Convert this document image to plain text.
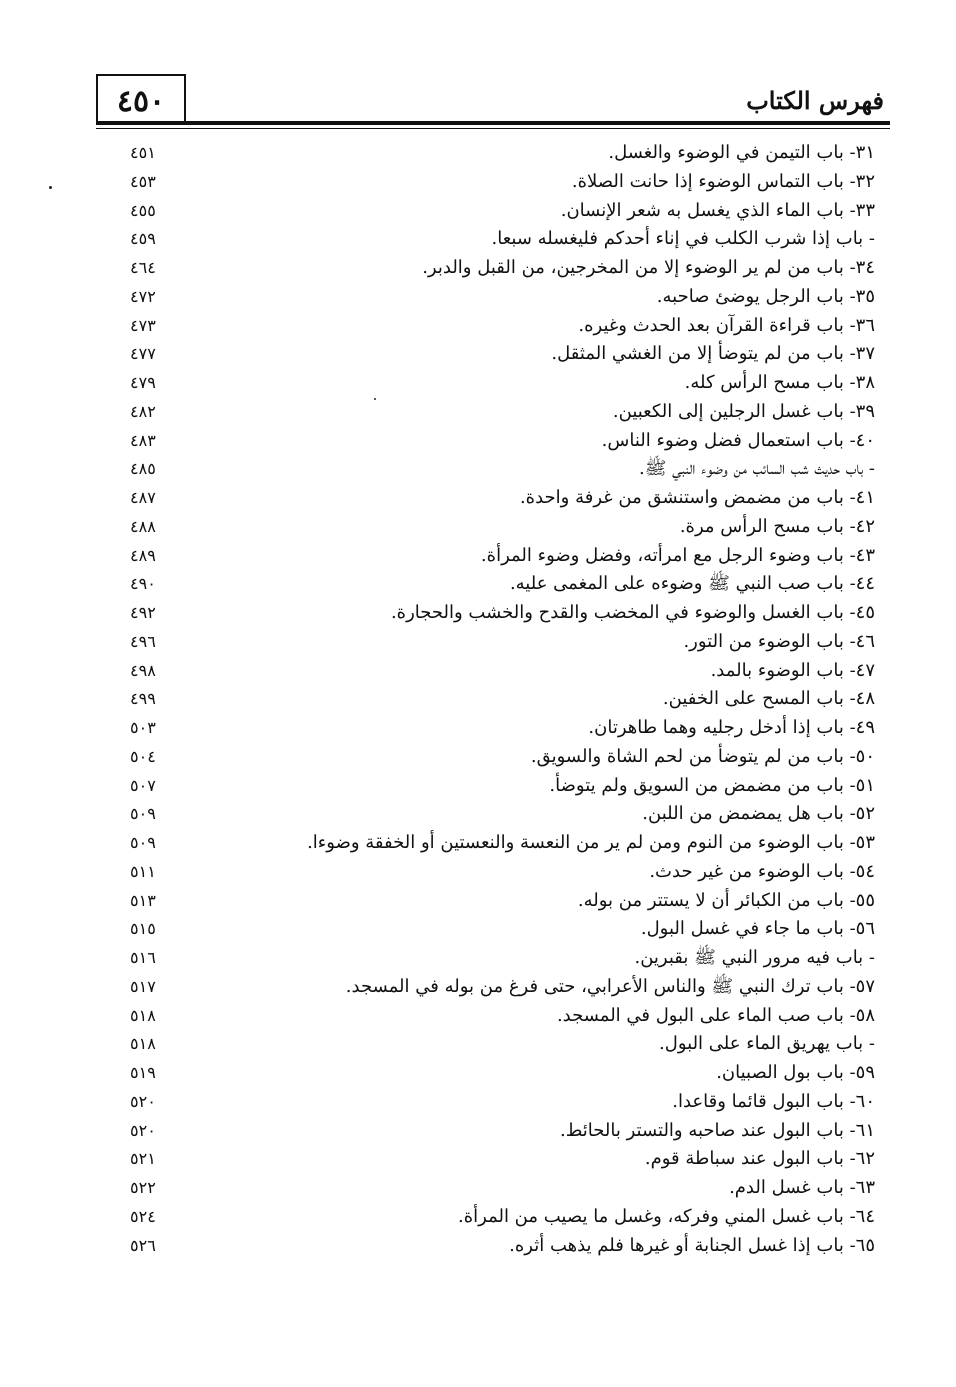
٤٥٠	فهرس الكتاب
٣١- باب التيمن في الوضوء والغسل.
٤٥١
٣٢- باب التماس الوضوء إذا حانت الصلاة.
٤٥٣
٣٣- باب الماء الذي يغسل به شعر الإنسان.
٤٥٥
- باب إذا شرب الكلب في إناء أحدكم فليغسله سبعا.
٤٥٩
٣٤- باب من لم ير الوضوء إلا من المخرجين، من القبل والدبر.
٤٦٤
٣٥- باب الرجل يوضئ صاحبه.
٤٧٢
٣٦- باب قراءة القرآن بعد الحدث وغيره.
٤٧٣
٣٧- باب من لم يتوضأ إلا من الغشي المثقل.
٤٧٧
٣٨- باب مسح الرأس كله.
٤٧٩
٣٩- باب غسل الرجلين إلى الكعبين.
٤٨٢
٤٠- باب استعمال فضل وضوء الناس.
٤٨٣
- باب حديث شب السائب من وضوء النبي ﷺ.
٤٨٥
٤١- باب من مضمض واستنشق من غرفة واحدة.
٤٨٧
٤٢- باب مسح الرأس مرة.
٤٨٨
٤٣- باب وضوء الرجل مع امرأته، وفضل وضوء المرأة.
٤٨٩
٤٤- باب صب النبي ﷺ وضوءه على المغمى عليه.
٤٩٠
٤٥- باب الغسل والوضوء في المخضب والقدح والخشب والحجارة.
٤٩٢
٤٦- باب الوضوء من التور.
٤٩٦
٤٧- باب الوضوء بالمد.
٤٩٨
٤٨- باب المسح على الخفين.
٤٩٩
٤٩- باب إذا أدخل رجليه وهما طاهرتان.
٥٠٣
٥٠- باب من لم يتوضأ من لحم الشاة والسويق.
٥٠٤
٥١- باب من مضمض من السويق ولم يتوضأ.
٥٠٧
٥٢- باب هل يمضمض من اللبن.
٥٠٩
٥٣- باب الوضوء من النوم ومن لم ير من النعسة والنعستين أو الخفقة وضوءا.
٥٠٩
٥٤- باب الوضوء من غير حدث.
٥١١
٥٥- باب من الكبائر أن لا يستتر من بوله.
٥١٣
٥٦- باب ما جاء في غسل البول.
٥١٥
- باب فيه مرور النبي ﷺ بقبرين.
٥١٦
٥٧- باب ترك النبي ﷺ والناس الأعرابي، حتى فرغ من بوله في المسجد.
٥١٧
٥٨- باب صب الماء على البول في المسجد.
٥١٨
- باب يهريق الماء على البول.
٥١٨
٥٩- باب بول الصبيان.
٥١٩
٦٠- باب البول قائما وقاعدا.
٥٢٠
٦١- باب البول عند صاحبه والتستر بالحائط.
٥٢٠
٦٢- باب البول عند سباطة قوم.
٥٢١
٦٣- باب غسل الدم.
٥٢٢
٦٤- باب غسل المني وفركه، وغسل ما يصيب من المرأة.
٥٢٤
٦٥- باب إذا غسل الجنابة أو غيرها فلم يذهب أثره.
٥٢٦
